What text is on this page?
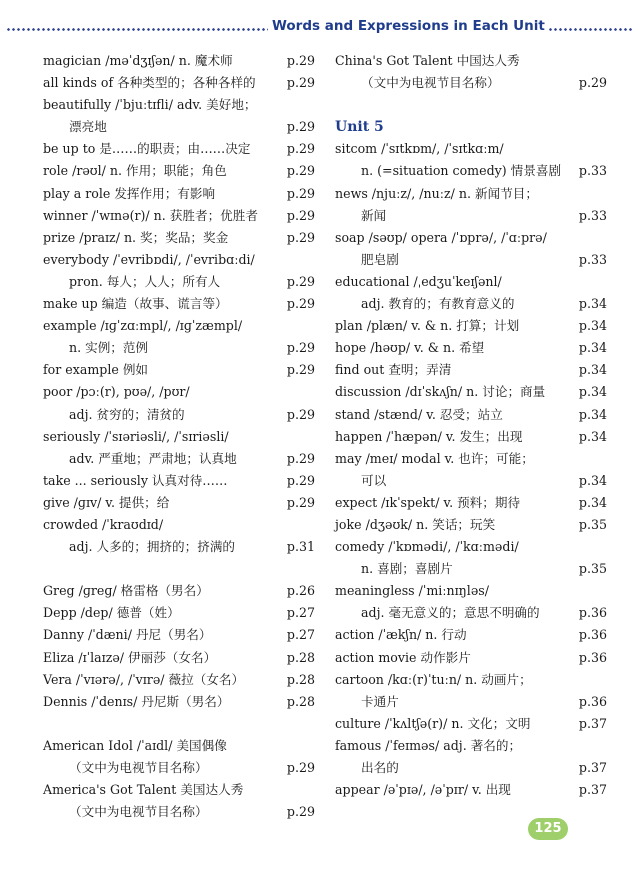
Words and Expressions in Each Unit
magician /məˈdʒɪʃən/ n. 魔术师	p.29
all kinds of 各种类型的；各种各样的	p.29
beautifully /ˈbjuːtɪfli/ adv. 美好地；
漂亮地	p.29
be up to 是……的职责；由……决定	p.29
role /rəʊl/ n. 作用；职能；角色	p.29
play a role 发挥作用；有影响	p.29
winner /ˈwɪnə(r)/ n. 获胜者；优胜者	p.29
prize /praɪz/ n. 奖；奖品；奖金	p.29
everybody /ˈevribɒdi/, /ˈevribɑːdi/
pron. 每人；人人；所有人	p.29
make up 编造（故事、谎言等）	p.29
example /ɪɡˈzɑːmpl/, /ɪɡˈzæmpl/
n. 实例；范例	p.29
for example 例如	p.29
poor /pɔː(r), pʊə/, /pʊr/
adj. 贫穷的；清贫的	p.29
seriously /ˈsɪəriəsli/, /ˈsɪriəsli/
adv. 严重地；严肃地；认真地	p.29
take ... seriously 认真对待……	p.29
give /ɡɪv/ v. 提供；给	p.29
crowded /ˈkraʊdɪd/
adj. 人多的；拥挤的；挤满的	p.31
Greg /ɡreɡ/ 格雷格（男名）	p.26
Depp /dep/ 德普（姓）	p.27
Danny /ˈdæni/ 丹尼（男名）	p.27
Eliza /ɪˈlaɪzə/ 伊丽莎（女名）	p.28
Vera /ˈvɪərə/, /ˈvɪrə/ 薇拉（女名）	p.28
Dennis /ˈdenɪs/ 丹尼斯（男名）	p.28
American Idol /ˈaɪdl/ 美国偶像
（文中为电视节目名称）	p.29
America's Got Talent 美国达人秀
（文中为电视节目名称）	p.29
China's Got Talent 中国达人秀
（文中为电视节目名称）	p.29
Unit 5
sitcom /ˈsɪtkɒm/, /ˈsɪtkɑːm/
n. (=situation comedy) 情景喜剧	p.33
news /njuːz/, /nuːz/ n. 新闻节目；
新闻	p.33
soap /səʊp/ opera /ˈɒprə/, /ˈɑːprə/
肥皂剧	p.33
educational /ˌedʒuˈkeɪʃənl/
adj. 教育的；有教育意义的	p.34
plan /plæn/ v. & n. 打算；计划	p.34
hope /həʊp/ v. & n. 希望	p.34
find out 查明；弄清	p.34
discussion /dɪˈskʌʃn/ n. 讨论；商量	p.34
stand /stænd/ v. 忍受；站立	p.34
happen /ˈhæpən/ v. 发生；出现	p.34
may /meɪ/ modal v. 也许；可能；
可以	p.34
expect /ɪkˈspekt/ v. 预料；期待	p.34
joke /dʒəʊk/ n. 笑话；玩笑	p.35
comedy /ˈkɒmədi/, /ˈkɑːmədi/
n. 喜剧；喜剧片	p.35
meaningless /ˈmiːnɪŋləs/
adj. 毫无意义的；意思不明确的	p.36
action /ˈækʃn/ n. 行动	p.36
action movie 动作影片	p.36
cartoon /kɑː(r)ˈtuːn/ n. 动画片；
卡通片	p.36
culture /ˈkʌltʃə(r)/ n. 文化；文明	p.37
famous /ˈfeɪməs/ adj. 著名的；
出名的	p.37
appear /əˈpɪə/, /əˈpɪr/ v. 出现	p.37
125
